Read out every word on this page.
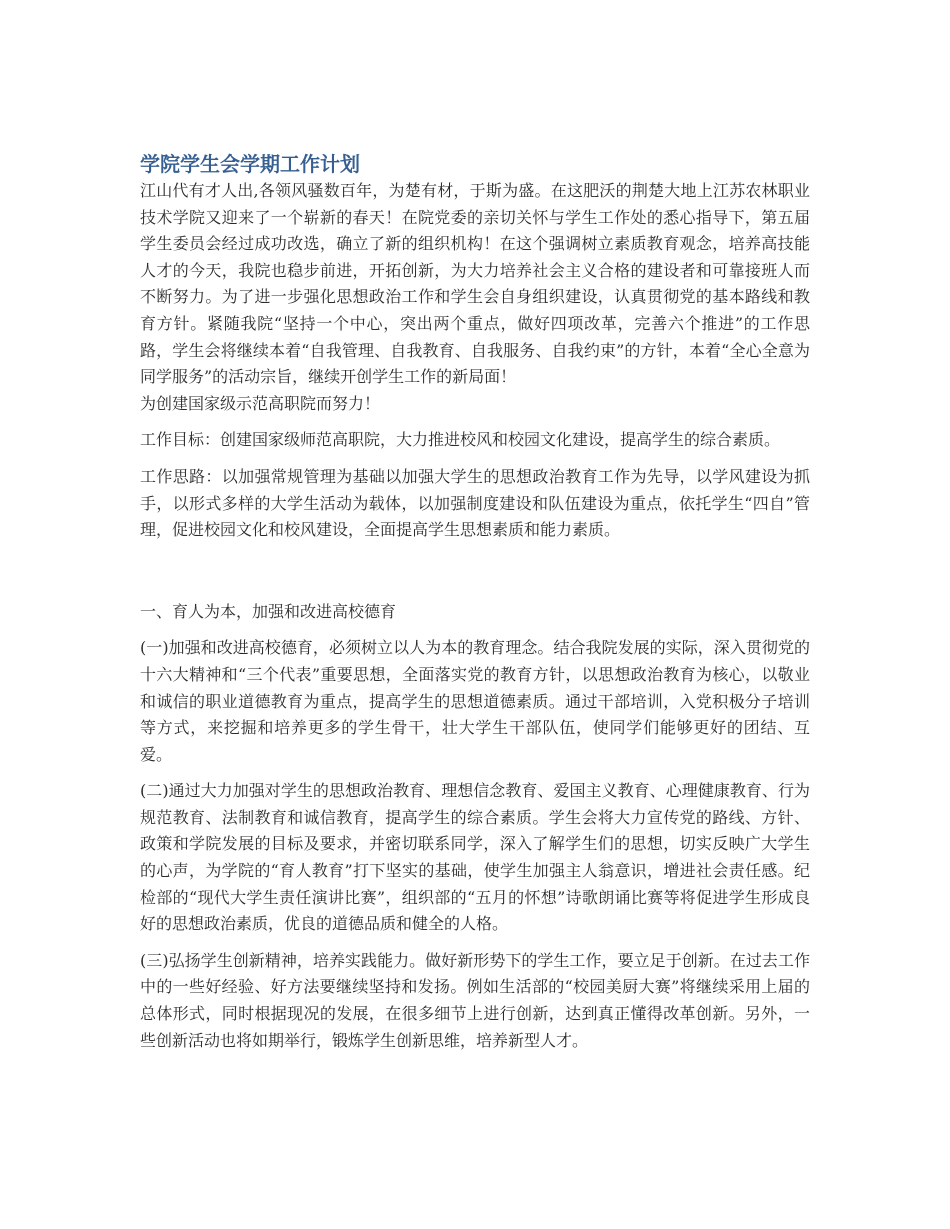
学院学生会学期工作计划

江山代有才人出,各领风骚数百年，为楚有材，于斯为盛。在这肥沃的荆楚大地上江苏农林职业技术学院又迎来了一个崭新的春天！在院党委的亲切关怀与学生工作处的悉心指导下，第五届学生委员会经过成功改选，确立了新的组织机构！在这个强调树立素质教育观念，培养高技能人才的今天，我院也稳步前进，开拓创新，为大力培养社会主义合格的建设者和可靠接班人而不断努力。为了进一步强化思想政治工作和学生会自身组织建设，认真贯彻党的基本路线和教育方针。紧随我院“坚持一个中心，突出两个重点，做好四项改革，完善六个推进”的工作思路，学生会将继续本着“自我管理、自我教育、自我服务、自我约束”的方针，本着“全心全意为同学服务”的活动宗旨，继续开创学生工作的新局面！
为创建国家级示范高职院而努力！

工作目标：创建国家级师范高职院，大力推进校风和校园文化建设，提高学生的综合素质。

工作思路：以加强常规管理为基础以加强大学生的思想政治教育工作为先导，以学风建设为抓手，以形式多样的大学生活动为载体，以加强制度建设和队伍建设为重点，依托学生“四自”管理，促进校园文化和校风建设，全面提高学生思想素质和能力素质。

一、育人为本，加强和改进高校德育

(一)加强和改进高校德育，必须树立以人为本的教育理念。结合我院发展的实际，深入贯彻党的十六大精神和“三个代表”重要思想，全面落实党的教育方针，以思想政治教育为核心，以敬业和诚信的职业道德教育为重点，提高学生的思想道德素质。通过干部培训，入党积极分子培训等方式，来挖掘和培养更多的学生骨干，壮大学生干部队伍，使同学们能够更好的团结、互爱。

(二)通过大力加强对学生的思想政治教育、理想信念教育、爱国主义教育、心理健康教育、行为规范教育、法制教育和诚信教育，提高学生的综合素质。学生会将大力宣传党的路线、方针、政策和学院发展的目标及要求，并密切联系同学，深入了解学生们的思想，切实反映广大学生的心声，为学院的“育人教育”打下坚实的基础，使学生加强主人翁意识，增进社会责任感。纪检部的“现代大学生责任演讲比赛”，组织部的“五月的怀想”诗歌朗诵比赛等将促进学生形成良好的思想政治素质，优良的道德品质和健全的人格。

(三)弘扬学生创新精神，培养实践能力。做好新形势下的学生工作，要立足于创新。在过去工作中的一些好经验、好方法要继续坚持和发扬。例如生活部的“校园美厨大赛”将继续采用上届的总体形式，同时根据现况的发展，在很多细节上进行创新，达到真正懂得改革创新。另外，一些创新活动也将如期举行，锻炼学生创新思维，培养新型人才。
